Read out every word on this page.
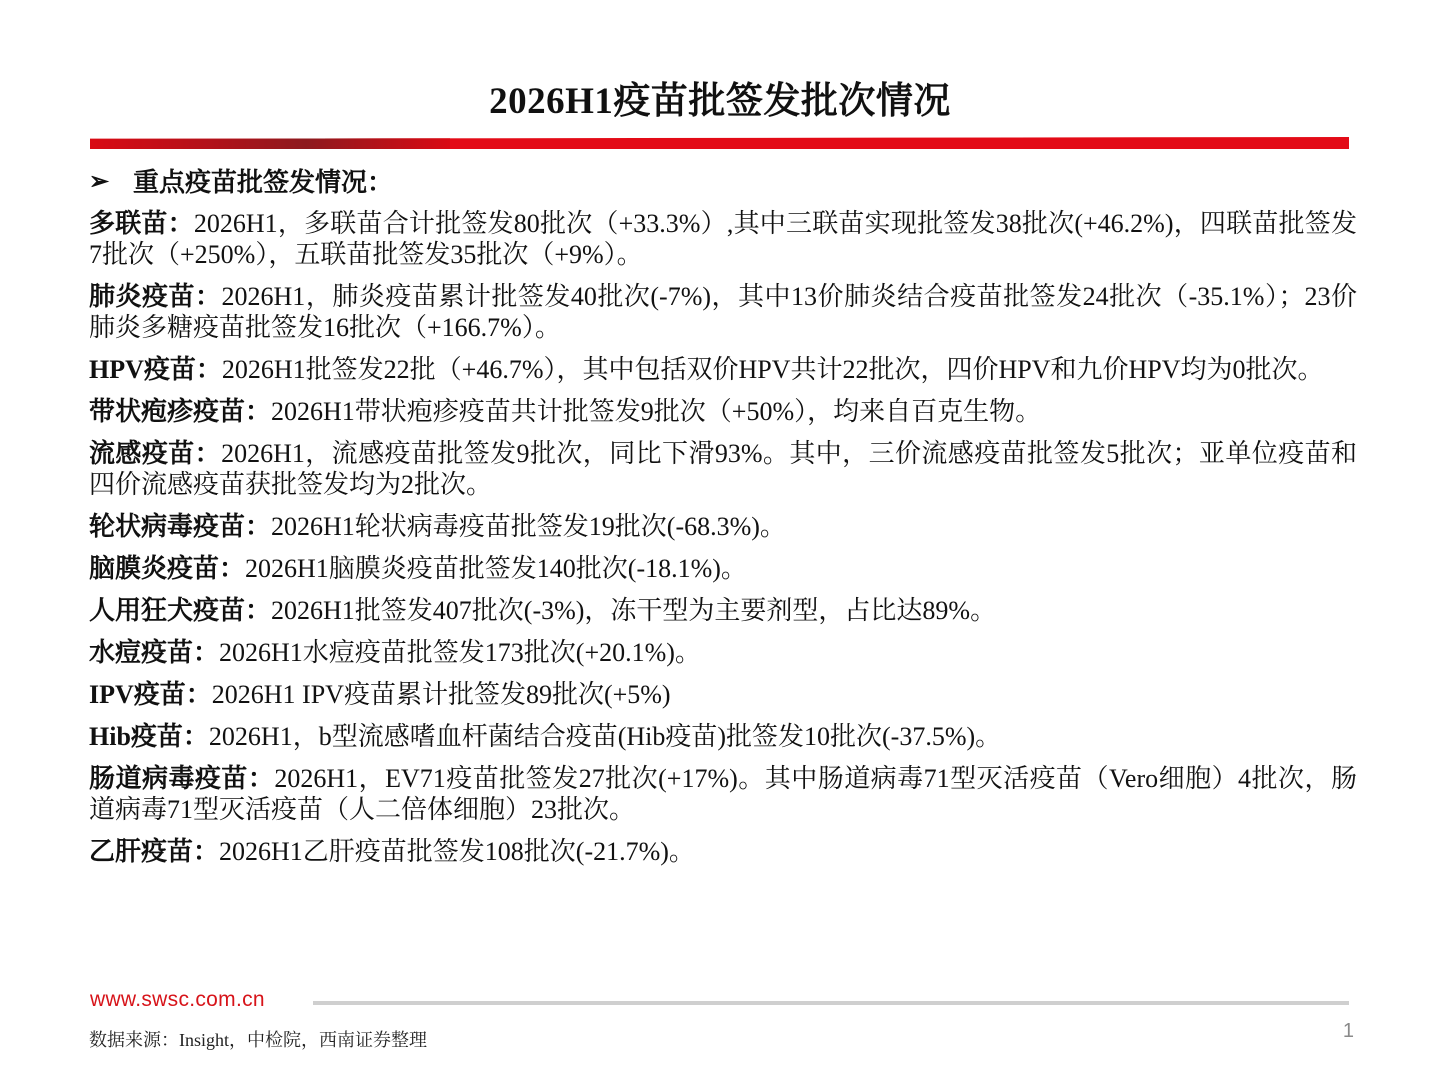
2026H1疫苗批签发批次情况
➢ 重点疫苗批签发情况：
多联苗：2026H1，多联苗合计批签发80批次（+33.3%）,其中三联苗实现批签发38批次(+46.2%)，四联苗批签发7批次（+250%），五联苗批签发35批次（+9%）。
肺炎疫苗：2026H1，肺炎疫苗累计批签发40批次(-7%)，其中13价肺炎结合疫苗批签发24批次（-35.1%）；23价肺炎多糖疫苗批签发16批次（+166.7%）。
HPV疫苗：2026H1批签发22批（+46.7%），其中包括双价HPV共计22批次，四价HPV和九价HPV均为0批次。
带状疱疹疫苗：2026H1带状疱疹疫苗共计批签发9批次（+50%），均来自百克生物。
流感疫苗：2026H1，流感疫苗批签发9批次，同比下滑93%。其中，三价流感疫苗批签发5批次；亚单位疫苗和四价流感疫苗获批签发均为2批次。
轮状病毒疫苗：2026H1轮状病毒疫苗批签发19批次(-68.3%)。
脑膜炎疫苗：2026H1脑膜炎疫苗批签发140批次(-18.1%)。
人用狂犬疫苗：2026H1批签发407批次(-3%)，冻干型为主要剂型，占比达89%。
水痘疫苗：2026H1水痘疫苗批签发173批次(+20.1%)。
IPV疫苗：2026H1 IPV疫苗累计批签发89批次(+5%)
Hib疫苗：2026H1，b型流感嗜血杆菌结合疫苗(Hib疫苗)批签发10批次(-37.5%)。
肠道病毒疫苗：2026H1，EV71疫苗批签发27批次(+17%)。其中肠道病毒71型灭活疫苗（Vero细胞）4批次，肠道病毒71型灭活疫苗（人二倍体细胞）23批次。
乙肝疫苗：2026H1乙肝疫苗批签发108批次(-21.7%)。
www.swsc.com.cn
数据来源：Insight，中检院，西南证券整理	1
